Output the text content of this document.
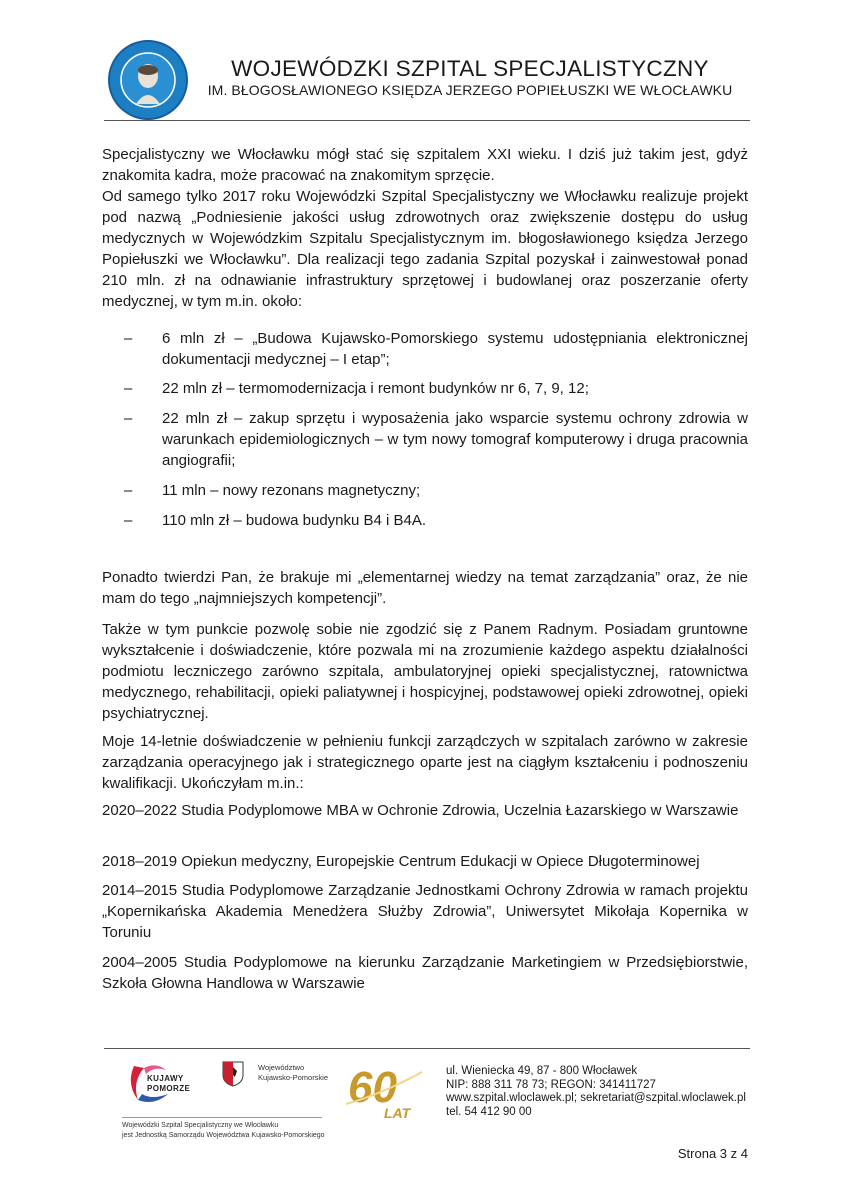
WOJEWÓDZKI SZPITAL SPECJALISTYCZNY
IM. BŁOGOSŁAWIONEGO KSIĘDZA JERZEGO POPIEŁUSZKI WE WŁOCŁAWKU

Specjalistyczny we Włocławku mógł stać się szpitalem XXI wieku. I dziś już takim jest, gdyż znakomita kadra, może pracować na znakomitym sprzęcie.

Od samego tylko 2017 roku Wojewódzki Szpital Specjalistyczny we Włocławku realizuje projekt pod nazwą „Podniesienie jakości usług zdrowotnych oraz zwiększenie dostępu do usług medycznych w Wojewódzkim Szpitalu Specjalistycznym im. błogosławionego księdza Jerzego Popiełuszki we Włocławku”. Dla realizacji tego zadania Szpital pozyskał i zainwestował ponad 210 mln. zł na odnawianie infrastruktury sprzętowej i budowlanej oraz poszerzanie oferty medycznej, w tym m.in. około:

– 6 mln zł – „Budowa Kujawsko-Pomorskiego systemu udostępniania elektronicznej dokumentacji medycznej – I etap”;

– 22 mln zł – termomodernizacja i remont budynków nr 6, 7, 9, 12;

– 22 mln zł – zakup sprzętu i wyposażenia jako wsparcie systemu ochrony zdrowia w warunkach epidemiologicznych – w tym nowy tomograf komputerowy i druga pracownia angiografii;

– 11 mln – nowy rezonans magnetyczny;

– 110 mln zł – budowa budynku B4 i B4A.

Ponadto twierdzi Pan, że brakuje mi „elementarnej wiedzy na temat zarządzania” oraz, że nie mam do tego „najmniejszych kompetencji”.

Także w tym punkcie pozwolę sobie nie zgodzić się z Panem Radnym. Posiadam gruntowne wykształcenie i doświadczenie, które pozwala mi na zrozumienie każdego aspektu działalności podmiotu leczniczego zarówno szpitala, ambulatoryjnej opieki specjalistycznej, ratownictwa medycznego, rehabilitacji, opieki paliatywnej i hospicyjnej, podstawowej opieki zdrowotnej, opieki psychiatrycznej.

Moje 14-letnie doświadczenie w pełnieniu funkcji zarządczych w szpitalach zarówno w zakresie zarządzania operacyjnego jak i strategicznego oparte jest na ciągłym kształceniu i podnoszeniu kwalifikacji. Ukończyłam m.in.:

2020–2022 Studia Podyplomowe MBA w Ochronie Zdrowia, Uczelnia Łazarskiego w Warszawie

2018–2019 Opiekun medyczny, Europejskie Centrum Edukacji w Opiece Długoterminowej

2014–2015 Studia Podyplomowe Zarządzanie Jednostkami Ochrony Zdrowia w ramach projektu „Kopernikańska Akademia Menedżera Służby Zdrowia”, Uniwersytet Mikołaja Kopernika w Toruniu

2004–2005 Studia Podyplomowe na kierunku Zarządzanie Marketingiem w Przedsiębiorstwie, Szkoła Głowna Handlowa w Warszawie

KUJAWY
POMORZE
Województwo
Kujawsko-Pomorskie
Wojewódzki Szpital Specjalistyczny we Włocławku
jest Jednostką Samorządu Województwa Kujawsko-Pomorskiego
60
LAT
ul. Wieniecka 49, 87 - 800 Włocławek
NIP: 888 311 78 73; REGON: 341411727
www.szpital.wloclawek.pl; sekretariat@szpital.wloclawek.pl
tel. 54 412 90 00
Strona 3 z 4
